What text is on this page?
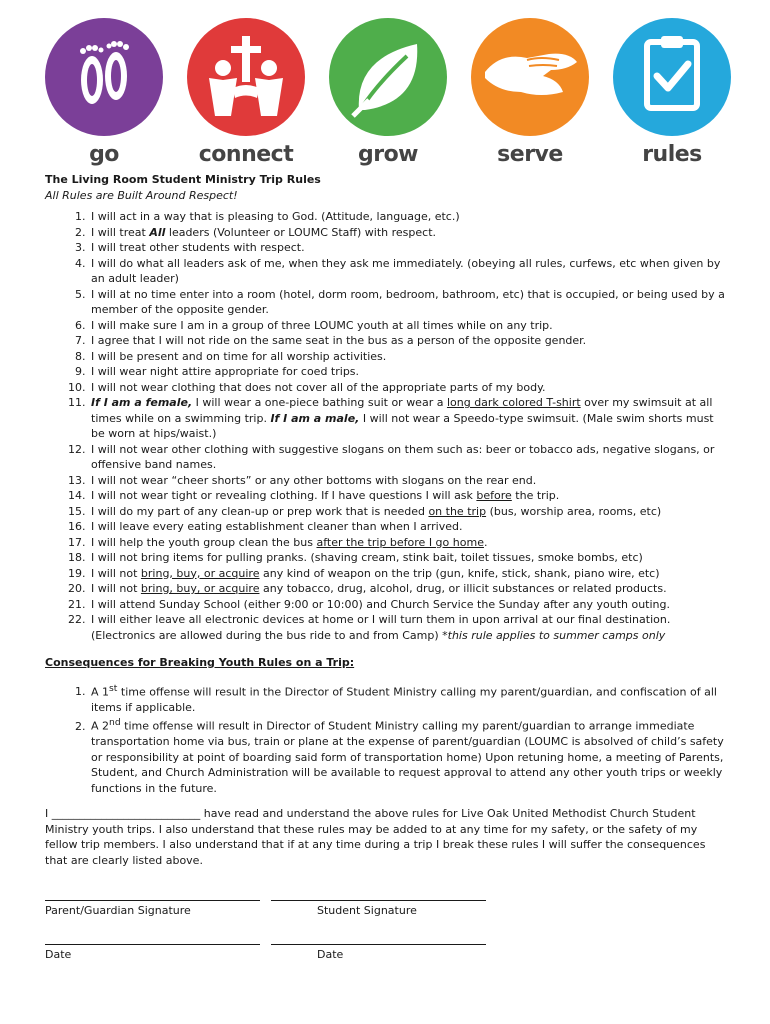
go	connect	grow	serve	rules
The Living Room Student Ministry Trip Rules
All Rules are Built Around Respect!
1. I will act in a way that is pleasing to God. (Attitude, language, etc.)
2. I will treat All leaders (Volunteer or LOUMC Staff) with respect.
3. I will treat other students with respect.
4. I will do what all leaders ask of me, when they ask me immediately. (obeying all rules, curfews, etc when given by an adult leader)
5. I will at no time enter into a room (hotel, dorm room, bedroom, bathroom, etc) that is occupied, or being used by a member of the opposite gender.
6. I will make sure I am in a group of three LOUMC youth at all times while on any trip.
7. I agree that I will not ride on the same seat in the bus as a person of the opposite gender.
8. I will be present and on time for all worship activities.
9. I will wear night attire appropriate for coed trips.
10. I will not wear clothing that does not cover all of the appropriate parts of my body.
11. If I am a female, I will wear a one-piece bathing suit or wear a long dark colored T-shirt over my swimsuit at all times while on a swimming trip. If I am a male, I will not wear a Speedo-type swimsuit. (Male swim shorts must be worn at hips/waist.)
12. I will not wear other clothing with suggestive slogans on them such as: beer or tobacco ads, negative slogans, or offensive band names.
13. I will not wear “cheer shorts” or any other bottoms with slogans on the rear end.
14. I will not wear tight or revealing clothing. If I have questions I will ask before the trip.
15. I will do my part of any clean-up or prep work that is needed on the trip (bus, worship area, rooms, etc)
16. I will leave every eating establishment cleaner than when I arrived.
17. I will help the youth group clean the bus after the trip before I go home.
18. I will not bring items for pulling pranks. (shaving cream, stink bait, toilet tissues, smoke bombs, etc)
19. I will not bring, buy, or acquire any kind of weapon on the trip (gun, knife, stick, shank, piano wire, etc)
20. I will not bring, buy, or acquire any tobacco, drug, alcohol, drug, or illicit substances or related products.
21. I will attend Sunday School (either 9:00 or 10:00) and Church Service the Sunday after any youth outing.
22. I will either leave all electronic devices at home or I will turn them in upon arrival at our final destination. (Electronics are allowed during the bus ride to and from Camp) *this rule applies to summer camps only
Consequences for Breaking Youth Rules on a Trip:
1. A 1st time offense will result in the Director of Student Ministry calling my parent/guardian, and confiscation of all items if applicable.
2. A 2nd time offense will result in Director of Student Ministry calling my parent/guardian to arrange immediate transportation home via bus, train or plane at the expense of parent/guardian (LOUMC is absolved of child’s safety or responsibility at point of boarding said form of transportation home) Upon retuning home, a meeting of Parents, Student, and Church Administration will be available to request approval to attend any other youth trips or weekly functions in the future.
I ___________________________ have read and understand the above rules for Live Oak United Methodist Church Student Ministry youth trips. I also understand that these rules may be added to at any time for my safety, or the safety of my fellow trip members. I also understand that if at any time during a trip I break these rules I will suffer the consequences that are clearly listed above.
Parent/Guardian Signature	Student Signature
Date	Date
